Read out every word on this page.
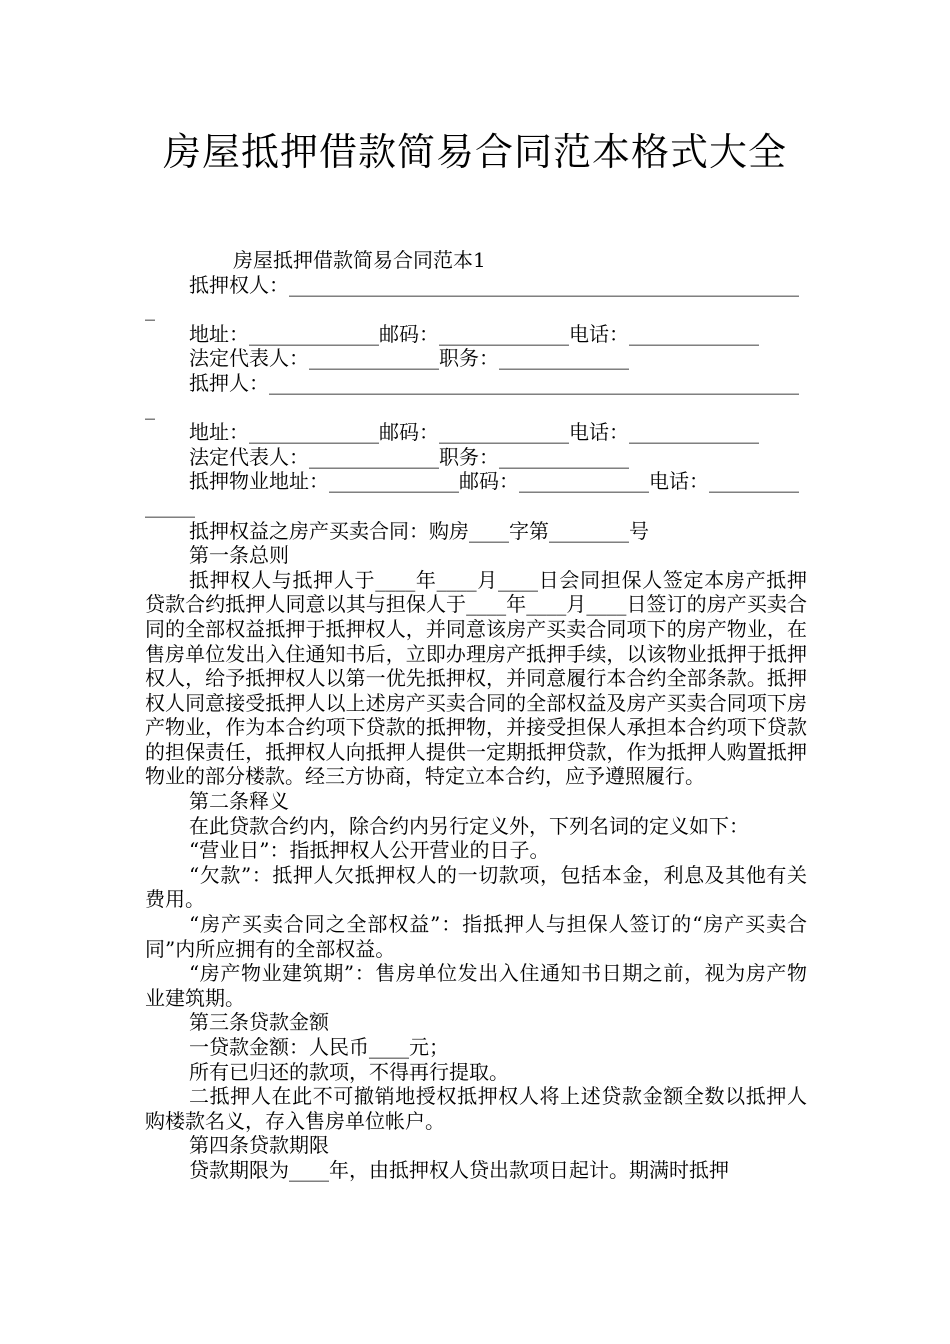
房屋抵押借款简易合同范本格式大全

房屋抵押借款简易合同范本1

抵押权人：____________________________________________________

地址：_____________邮码：_____________电话：_____________

法定代表人：_____________职务：_____________

抵押人：______________________________________________________

地址：_____________邮码：_____________电话：_____________

法定代表人：_____________职务：_____________

抵押物业地址：_____________邮码：_____________电话：______________

抵押权益之房产买卖合同：购房____字第________号

第一条总则

抵押权人与抵押人于____年____月____日会同担保人签定本房产抵押贷款合约抵押人同意以其与担保人于____年____月____日签订的房产买卖合同的全部权益抵押于抵押权人，并同意该房产买卖合同项下的房产物业，在售房单位发出入住通知书后，立即办理房产抵押手续，以该物业抵押于抵押权人，给予抵押权人以第一优先抵押权，并同意履行本合约全部条款。抵押权人同意接受抵押人以上述房产买卖合同的全部权益及房产买卖合同项下房产物业，作为本合约项下贷款的抵押物，并接受担保人承担本合约项下贷款的担保责任，抵押权人向抵押人提供一定期抵押贷款，作为抵押人购置抵押物业的部分楼款。经三方协商，特定立本合约，应予遵照履行。

第二条释义

在此贷款合约内，除合约内另行定义外，下列名词的定义如下：

“营业日”：指抵押权人公开营业的日子。

“欠款”：抵押人欠抵押权人的一切款项，包括本金，利息及其他有关费用。

“房产买卖合同之全部权益”：指抵押人与担保人签订的“房产买卖合同”内所应拥有的全部权益。

“房产物业建筑期”：售房单位发出入住通知书日期之前，视为房产物业建筑期。

第三条贷款金额

一贷款金额：人民币____元；

所有已归还的款项，不得再行提取。

二抵押人在此不可撤销地授权抵押权人将上述贷款金额全数以抵押人购楼款名义，存入售房单位帐户。

第四条贷款期限

贷款期限为____年，由抵押权人贷出款项日起计。期满时抵押
